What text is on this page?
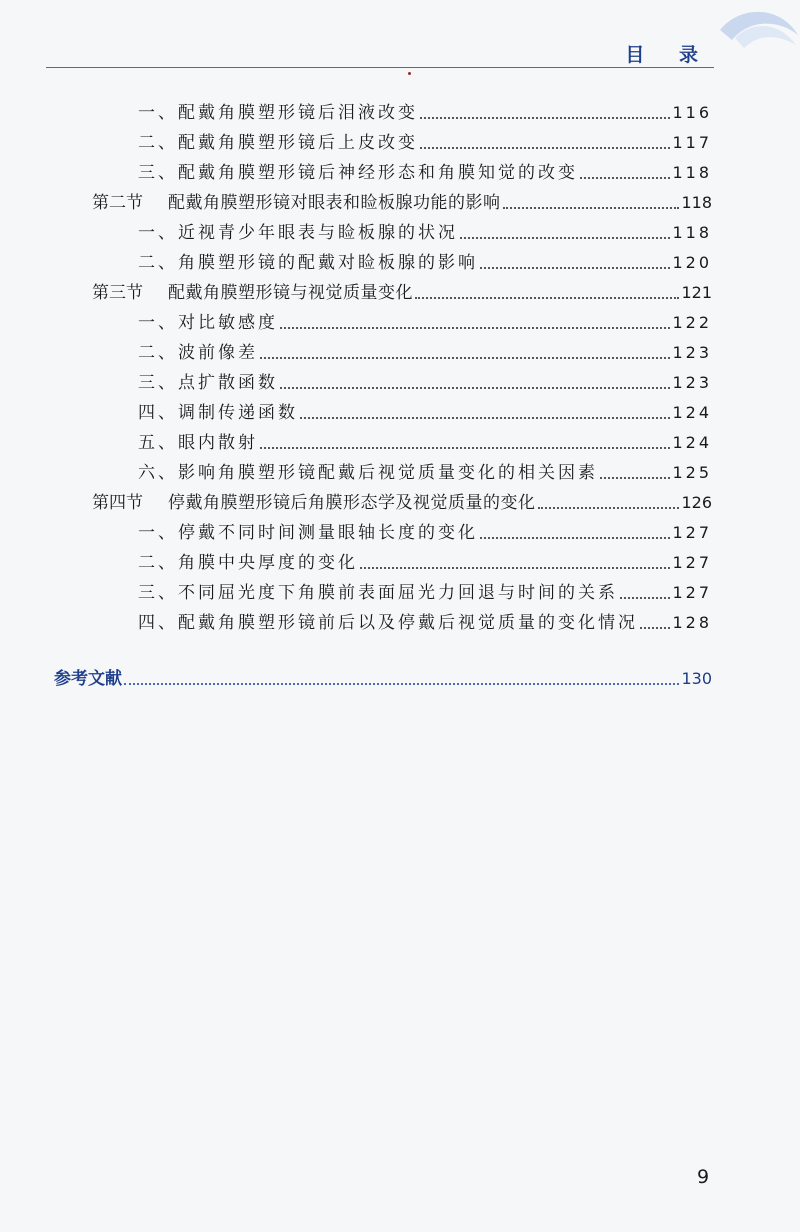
目 录
一、配戴角膜塑形镜后泪液改变	116
二、配戴角膜塑形镜后上皮改变	117
三、配戴角膜塑形镜后神经形态和角膜知觉的改变	118
第二节 配戴角膜塑形镜对眼表和睑板腺功能的影响	118
一、近视青少年眼表与睑板腺的状况	118
二、角膜塑形镜的配戴对睑板腺的影响	120
第三节 配戴角膜塑形镜与视觉质量变化	121
一、对比敏感度	122
二、波前像差	123
三、点扩散函数	123
四、调制传递函数	124
五、眼内散射	124
六、影响角膜塑形镜配戴后视觉质量变化的相关因素	125
第四节 停戴角膜塑形镜后角膜形态学及视觉质量的变化	126
一、停戴不同时间测量眼轴长度的变化	127
二、角膜中央厚度的变化	127
三、不同屈光度下角膜前表面屈光力回退与时间的关系	127
四、配戴角膜塑形镜前后以及停戴后视觉质量的变化情况 128
参考文献	130
9
